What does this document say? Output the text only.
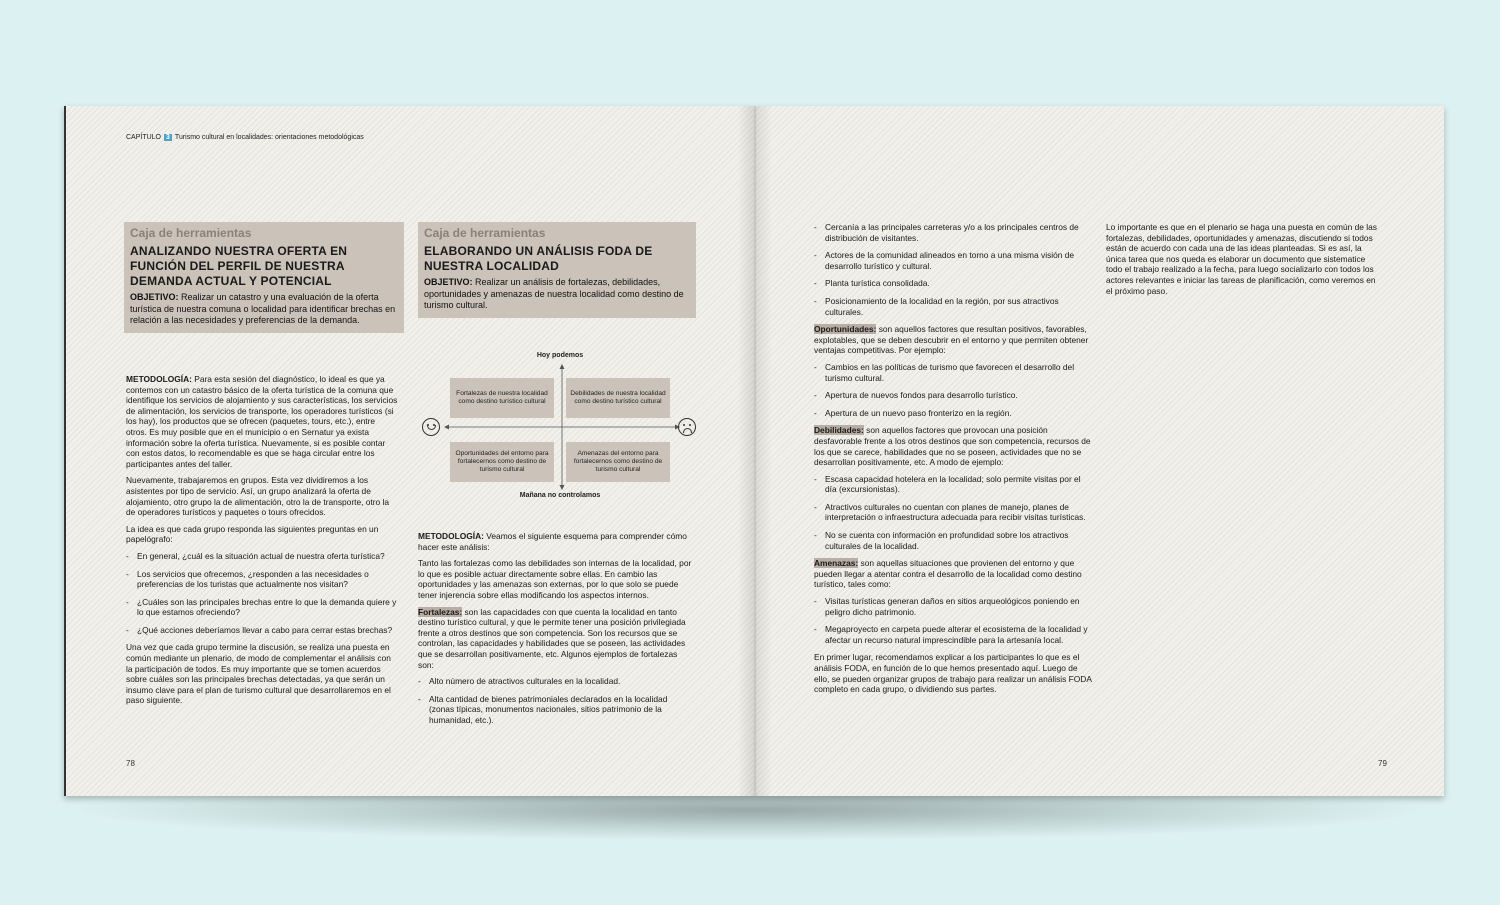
CAPÍTULO 3 Turismo cultural en localidades: orientaciones metodológicas
Caja de herramientas
ANALIZANDO NUESTRA OFERTA EN FUNCIÓN DEL PERFIL DE NUESTRA DEMANDA ACTUAL Y POTENCIAL
OBJETIVO: Realizar un catastro y una evaluación de la oferta turística de nuestra comuna o localidad para identificar brechas en relación a las necesidades y preferencias de la demanda.

METODOLOGÍA: Para esta sesión del diagnóstico, lo ideal es que ya contemos con un catastro básico de la oferta turística de la comuna que identifique los servicios de alojamiento y sus características, los servicios de alimentación, los servicios de transporte, los operadores turísticos (si los hay), los productos que se ofrecen (paquetes, tours, etc.), entre otros. Es muy posible que en el municipio o en Sernatur ya exista información sobre la oferta turística. Nuevamente, si es posible contar con estos datos, lo recomendable es que se haga circular entre los participantes antes del taller.

Nuevamente, trabajaremos en grupos. Esta vez dividiremos a los asistentes por tipo de servicio. Así, un grupo analizará la oferta de alojamiento, otro grupo la de alimentación, otro la de transporte, otro la de operadores turísticos y paquetes o tours ofrecidos.

La idea es que cada grupo responda las siguientes preguntas en un papelógrafo:

- En general, ¿cuál es la situación actual de nuestra oferta turística?
- Los servicios que ofrecemos, ¿responden a las necesidades o preferencias de los turistas que actualmente nos visitan?
- ¿Cuáles son las principales brechas entre lo que la demanda quiere y lo que estamos ofreciendo?
- ¿Qué acciones deberíamos llevar a cabo para cerrar estas brechas?

Una vez que cada grupo termine la discusión, se realiza una puesta en común mediante un plenario, de modo de complementar el análisis con la participación de todos. Es muy importante que se tomen acuerdos sobre cuáles son las principales brechas detectadas, ya que serán un insumo clave para el plan de turismo cultural que desarrollaremos en el paso siguiente.

Caja de herramientas
ELABORANDO UN ANÁLISIS FODA DE NUESTRA LOCALIDAD
OBJETIVO: Realizar un análisis de fortalezas, debilidades, oportunidades y amenazas de nuestra localidad como destino de turismo cultural.
Hoy podemos
Fortalezas de nuestra localidad como destino turístico cultural
Debilidades de nuestra localidad como destino turístico cultural
Oportunidades del entorno para fortalecernos como destino de turismo cultural
Amenazas del entorno para fortalecernos como destino de turismo cultural
Mañana no controlamos

METODOLOGÍA: Veamos el siguiente esquema para comprender cómo hacer este análisis:

Tanto las fortalezas como las debilidades son internas de la localidad, por lo que es posible actuar directamente sobre ellas. En cambio las oportunidades y las amenazas son externas, por lo que solo se puede tener injerencia sobre ellas modificando los aspectos internos.

Fortalezas: son las capacidades con que cuenta la localidad en tanto destino turístico cultural, y que le permite tener una posición privilegiada frente a otros destinos que son competencia. Son los recursos que se controlan, las capacidades y habilidades que se poseen, las actividades que se desarrollan positivamente, etc. Algunos ejemplos de fortalezas son:

- Alto número de atractivos culturales en la localidad.
- Alta cantidad de bienes patrimoniales declarados en la localidad (zonas típicas, monumentos nacionales, sitios patrimonio de la humanidad, etc.).
78
- Cercanía a las principales carreteras y/o a los principales centros de distribución de visitantes.
- Actores de la comunidad alineados en torno a una misma visión de desarrollo turístico y cultural.
- Planta turística consolidada.
- Posicionamiento de la localidad en la región, por sus atractivos culturales.

Oportunidades: son aquellos factores que resultan positivos, favorables, explotables, que se deben descubrir en el entorno y que permiten obtener ventajas competitivas. Por ejemplo:

- Cambios en las políticas de turismo que favorecen el desarrollo del turismo cultural.
- Apertura de nuevos fondos para desarrollo turístico.
- Apertura de un nuevo paso fronterizo en la región.

Debilidades: son aquellos factores que provocan una posición desfavorable frente a los otros destinos que son competencia, recursos de los que se carece, habilidades que no se poseen, actividades que no se desarrollan positivamente, etc. A modo de ejemplo:

- Escasa capacidad hotelera en la localidad; solo permite visitas por el día (excursionistas).
- Atractivos culturales no cuentan con planes de manejo, planes de interpretación o infraestructura adecuada para recibir visitas turísticas.
- No se cuenta con información en profundidad sobre los atractivos culturales de la localidad.

Amenazas: son aquellas situaciones que provienen del entorno y que pueden llegar a atentar contra el desarrollo de la localidad como destino turístico, tales como:

- Visitas turísticas generan daños en sitios arqueológicos poniendo en peligro dicho patrimonio.
- Megaproyecto en carpeta puede alterar el ecosistema de la localidad y afectar un recurso natural imprescindible para la artesanía local.

En primer lugar, recomendamos explicar a los participantes lo que es el análisis FODA, en función de lo que hemos presentado aquí. Luego de ello, se pueden organizar grupos de trabajo para realizar un análisis FODA completo en cada grupo, o dividiendo sus partes.

Lo importante es que en el plenario se haga una puesta en común de las fortalezas, debilidades, oportunidades y amenazas, discutiendo si todos están de acuerdo con cada una de las ideas planteadas. Si es así, la única tarea que nos queda es elaborar un documento que sistematice todo el trabajo realizado a la fecha, para luego socializarlo con todos los actores relevantes e iniciar las tareas de planificación, como veremos en el próximo paso.

79
